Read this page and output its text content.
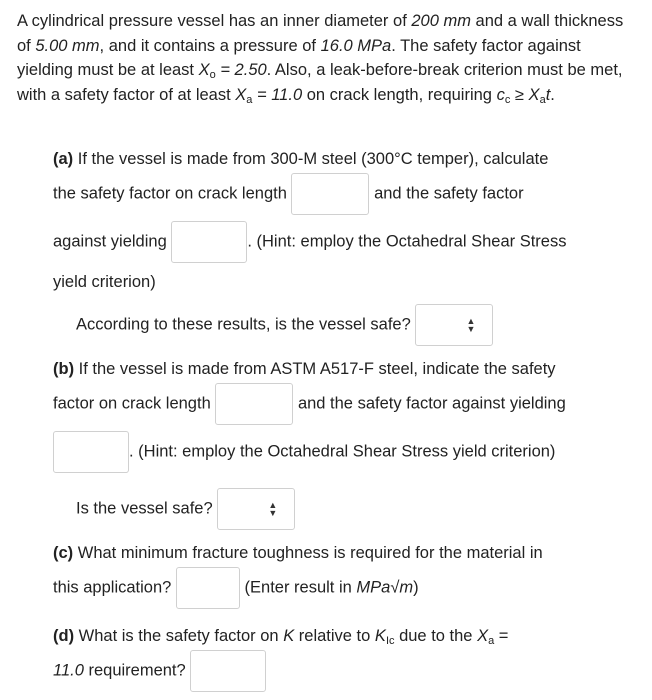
A cylindrical pressure vessel has an inner diameter of 200 mm and a wall thickness of 5.00 mm, and it contains a pressure of 16.0 MPa. The safety factor against yielding must be at least $X_o = 2.50$. Also, a leak-before-break criterion must be met, with a safety factor of at least $X_a = 11.0$ on crack length, requiring $c_c \ge X_at$.
(a) If the vessel is made from 300-M steel (300°C temper), calculate
the safety factor on crack length	and the safety factor
against yielding	. (Hint: employ the Octahedral Shear Stress
yield criterion)
According to these results, is the vessel safe?	▲
▼
(b) If the vessel is made from ASTM A517-F steel, indicate the safety
factor on crack length	and the safety factor against yielding
. (Hint: employ the Octahedral Shear Stress yield criterion)
Is the vessel safe?	▲
▼
(c) What minimum fracture toughness is required for the material in
this application?	(Enter result in MPa√m)
(d) What is the safety factor on K relative to $K_{Ic}$ due to the $X_a$ =
11.0 requirement?
